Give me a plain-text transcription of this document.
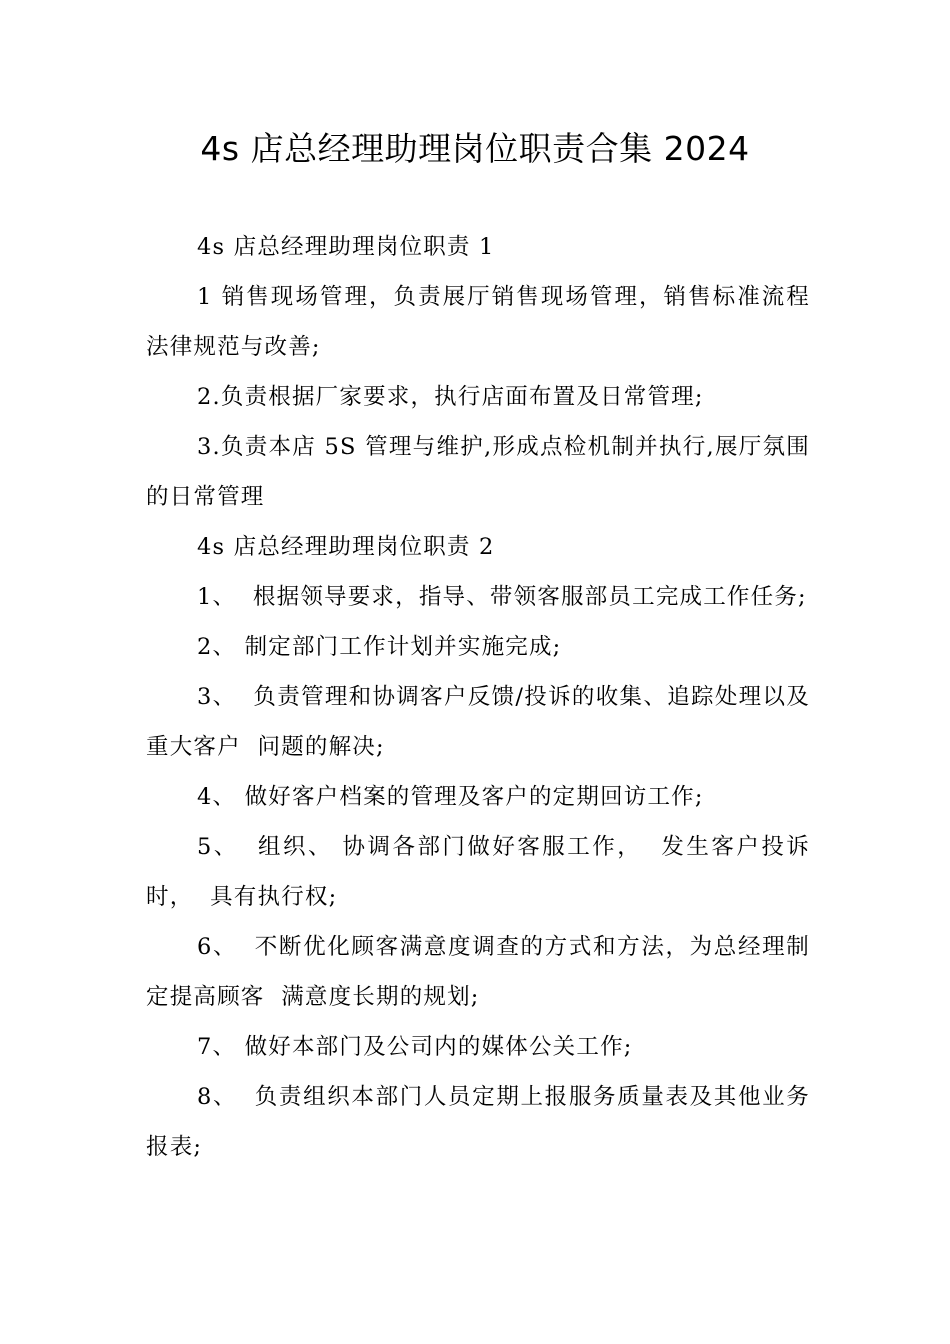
4s 店总经理助理岗位职责合集 2024

4s 店总经理助理岗位职责 1

1 销售现场管理，负责展厅销售现场管理，销售标准流程法律规范与改善;

2.负责根据厂家要求，执行店面布置及日常管理;

3.负责本店 5S 管理与维护,形成点检机制并执行,展厅氛围的日常管理

4s 店总经理助理岗位职责 2

1、  根据领导要求，指导、带领客服部员工完成工作任务;

2、 制定部门工作计划并实施完成;

3、  负责管理和协调客户反馈/投诉的收集、追踪处理以及重大客户  问题的解决;

4、 做好客户档案的管理及客户的定期回访工作;

5、  组织、 协调各部门做好客服工作，  发生客户投诉时，  具有执行权;

6、  不断优化顾客满意度调查的方式和方法，为总经理制定提高顾客  满意度长期的规划;

7、 做好本部门及公司内的媒体公关工作;

8、  负责组织本部门人员定期上报服务质量表及其他业务报表;
